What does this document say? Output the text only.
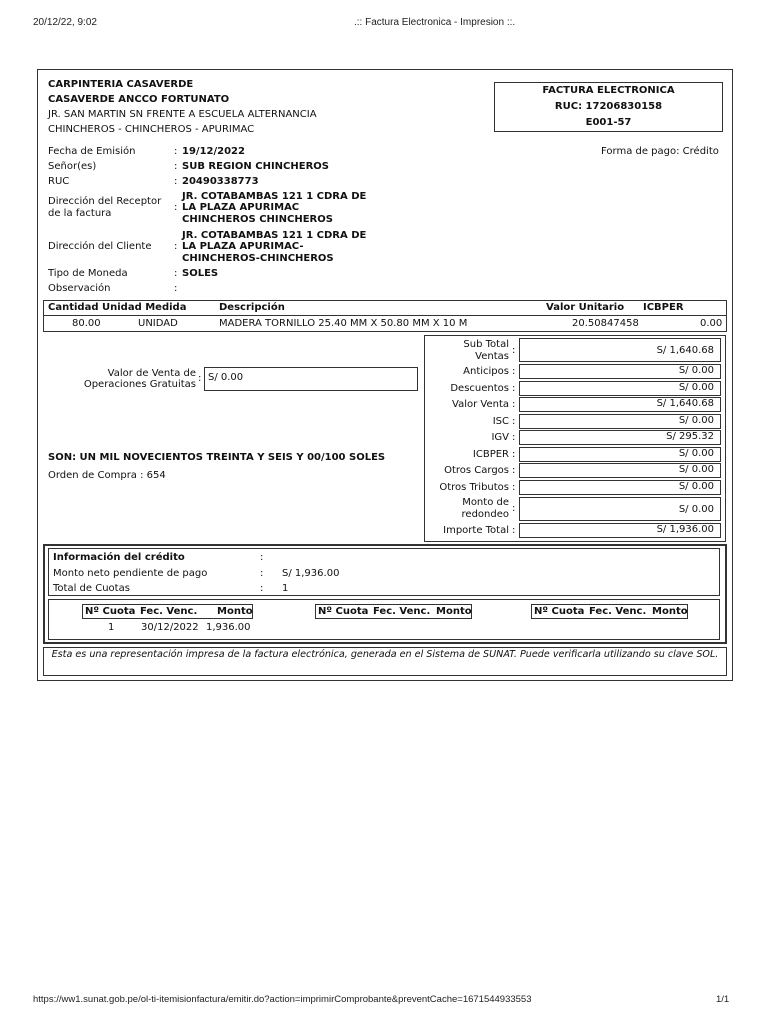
20/12/22, 9:02	.:: Factura Electronica - Impresion ::.
CARPINTERIA CASAVERDE
CASAVERDE ANCCO FORTUNATO
JR. SAN MARTIN SN FRENTE A ESCUELA ALTERNANCIA
CHINCHEROS - CHINCHEROS - APURIMAC
FACTURA ELECTRONICA
RUC: 17206830158
E001-57
Fecha de Emisión	: 19/12/2022	Forma de pago: Crédito
Señor(es)	: SUB REGION CHINCHEROS
RUC	: 20490338773
Dirección del Receptor
de la factura
:
JR. COTABAMBAS 121 1 CDRA DE
LA PLAZA APURIMAC
CHINCHEROS CHINCHEROS
Dirección del Cliente :
JR. COTABAMBAS 121 1 CDRA DE
LA PLAZA APURIMAC-
CHINCHEROS-CHINCHEROS
Tipo de Moneda	: SOLES
Observación	:
Cantidad Unidad Medida	Descripción	Valor Unitario ICBPER
80.00	UNIDAD	MADERA TORNILLO 25.40 MM X 50.80 MM X 10 M	20.50847458	0.00
Valor de Venta de
Operaciones Gratuitas
: S/ 0.00
Sub Total
Ventas
:	S/ 1,640.68
Anticipos :	S/ 0.00
Descuentos :	S/ 0.00
Valor Venta :	S/ 1,640.68
ISC :	S/ 0.00
IGV :	S/ 295.32
ICBPER :	S/ 0.00
Otros Cargos :	S/ 0.00
Otros Tributos :	S/ 0.00
Monto de
redondeo
:	S/ 0.00
Importe Total :	S/ 1,936.00
SON: UN MIL NOVECIENTOS TREINTA Y SEIS Y 00/100 SOLES
Orden de Compra : 654
Información del crédito	:
Monto neto pendiente de pago	: S/ 1,936.00
Total de Cuotas	: 1
Nº Cuota Fec. Venc. Monto	Nº Cuota Fec. Venc. Monto	Nº Cuota Fec. Venc. Monto
1	30/12/2022 1,936.00
Esta es una representación impresa de la factura electrónica, generada en el Sistema de SUNAT. Puede verificarla utilizando su clave SOL.
https://ww1.sunat.gob.pe/ol-ti-itemisionfactura/emitir.do?action=imprimirComprobante&preventCache=1671544933553	1/1
